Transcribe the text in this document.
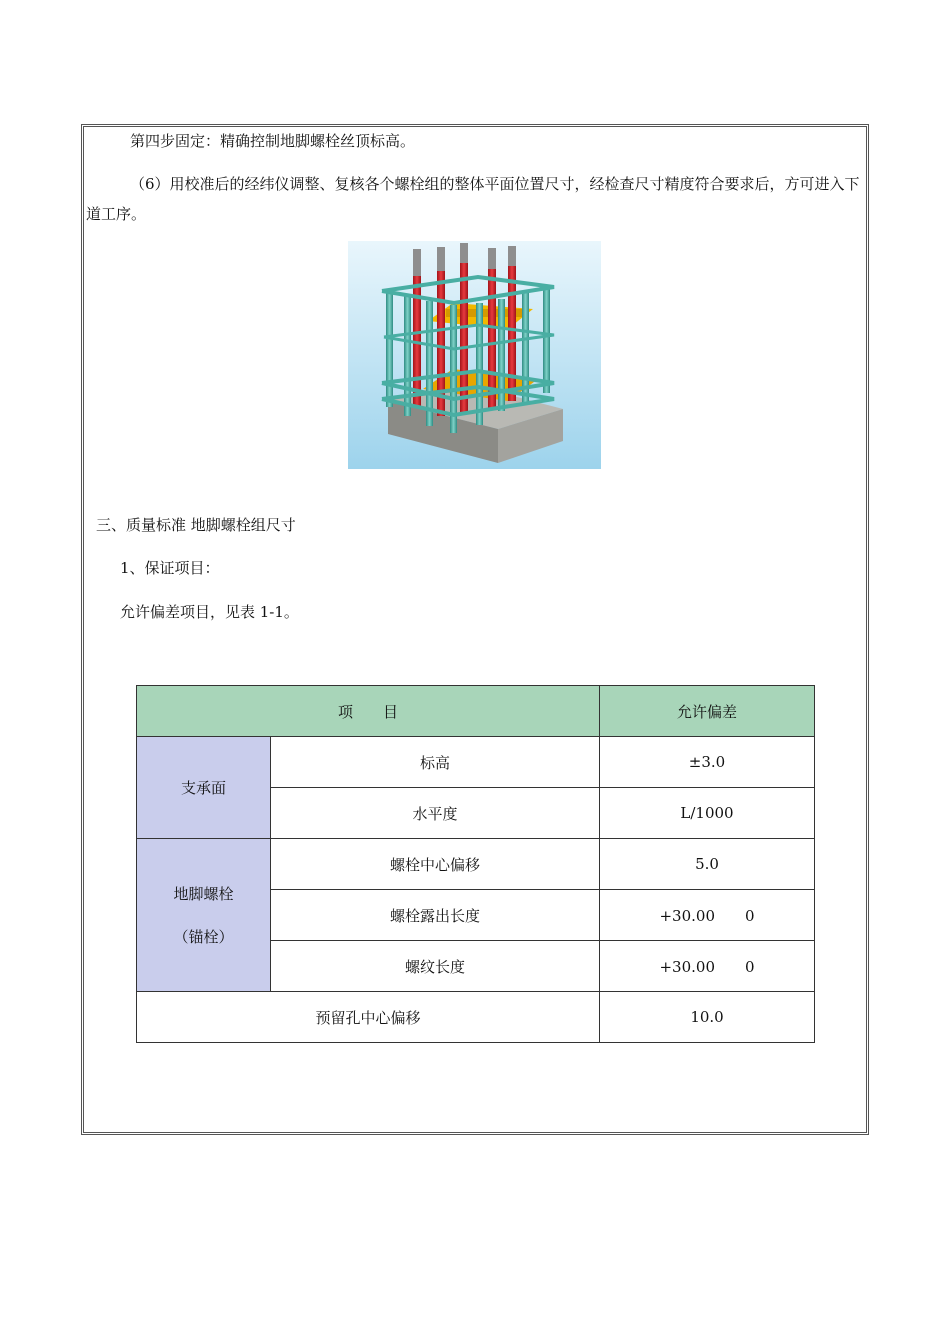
第四步固定：精确控制地脚螺栓丝顶标高。
（6）用校准后的经纬仪调整、复核各个螺栓组的整体平面位置尺寸，经检查尺寸精度符合要求后，方可进入下道工序。
三、质量标准 地脚螺栓组尺寸
1、保证项目：
允许偏差项目，见表 1-1。
项　　目		允许偏差
支承面	标高	±3.0
	水平度	L/1000
地脚螺栓
（锚栓）	螺栓中心偏移	5.0
	螺栓露出长度	+30.00　　0
	螺纹长度	+30.00　　0
预留孔中心偏移		10.0
